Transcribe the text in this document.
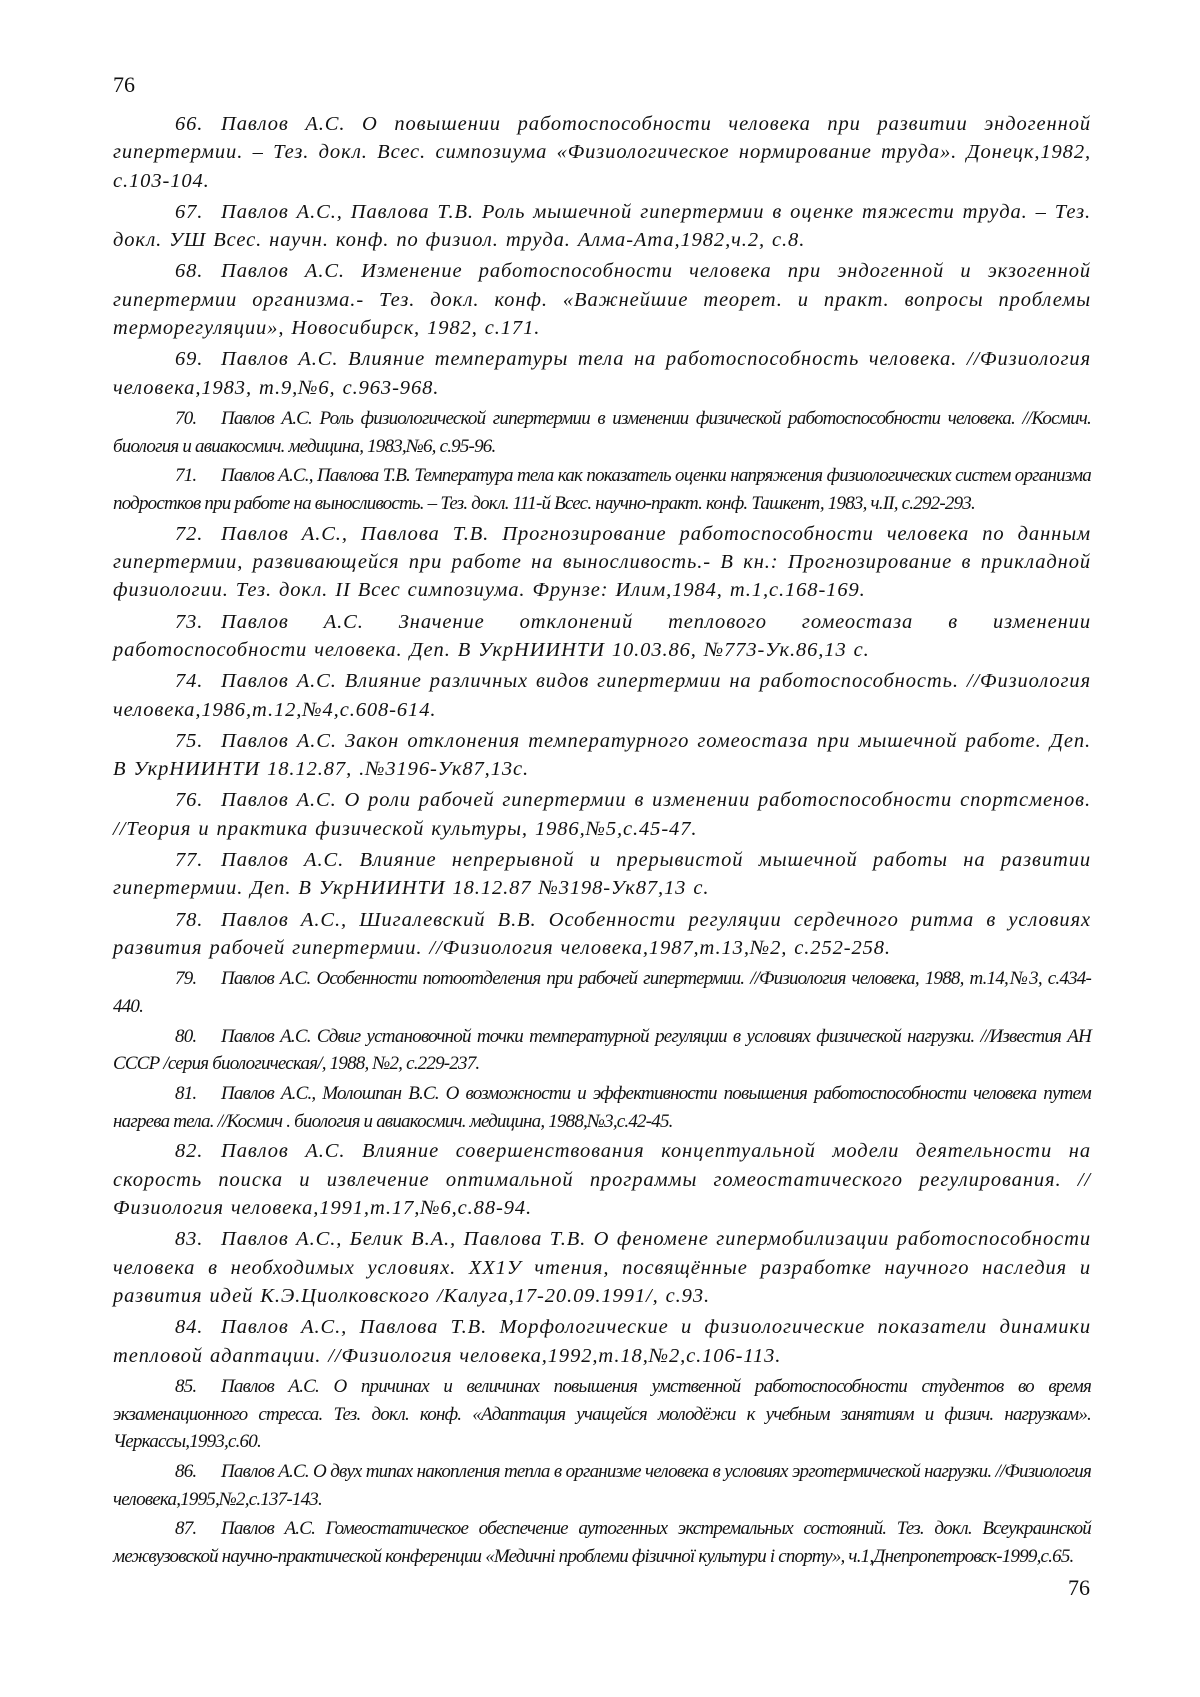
76

66. Павлов А.С. О повышении работоспособности человека при развитии эндогенной гипертермии. – Тез. докл. Всес. симпозиума «Физиологическое нормирование труда». Донецк,1982, с.103-104.

67. Павлов А.С., Павлова Т.В. Роль мышечной гипертермии в оценке тяжести труда. – Тез. докл. УШ Всес. научн. конф. по физиол. труда. Алма-Ата,1982,ч.2, с.8.

68. Павлов А.С. Изменение работоспособности человека при эндогенной и экзогенной гипертермии организма.- Тез. докл. конф. «Важнейшие теорет. и практ. вопросы проблемы терморегуляции», Новосибирск, 1982, с.171.

69. Павлов А.С. Влияние температуры тела на работоспособность человека. //Физиология человека,1983, т.9,№6, с.963-968.

70. Павлов А.С. Роль физиологической гипертермии в изменении физической работоспособности человека. //Космич. биология и авиакосмич. медицина, 1983,№6, с.95-96.

71. Павлов А.С., Павлова Т.В. Температура тела как показатель оценки напряжения физиологических систем организма подростков при работе на выносливость. – Тез. докл. 111-й Всес. научно-практ. конф. Ташкент, 1983, ч.II, с.292-293.

72. Павлов А.С., Павлова Т.В. Прогнозирование работоспособности человека по данным гипертермии, развивающейся при работе на выносливость.- В кн.: Прогнозирование в прикладной физиологии. Тез. докл. II Всес симпозиума. Фрунзе: Илим,1984, т.1,с.168-169.

73. Павлов А.С. Значение отклонений теплового гомеостаза в изменении работоспособности человека. Деп. В УкрНИИНТИ 10.03.86, №773-Ук.86,13 с.

74. Павлов А.С. Влияние различных видов гипертермии на работоспособность. //Физиология человека,1986,т.12,№4,с.608-614.

75. Павлов А.С. Закон отклонения температурного гомеостаза при мышечной работе. Деп. В УкрНИИНТИ 18.12.87, .№3196-Ук87,13с.

76. Павлов А.С. О роли рабочей гипертермии в изменении работоспособности спортсменов. //Теория и практика физической культуры, 1986,№5,с.45-47.

77. Павлов А.С. Влияние непрерывной и прерывистой мышечной работы на развитии гипертермии. Деп. В УкрНИИНТИ 18.12.87 №3198-Ук87,13 с.

78. Павлов А.С., Шигалевский В.В. Особенности регуляции сердечного ритма в условиях развития рабочей гипертермии. //Физиология человека,1987,т.13,№2, с.252-258.

79. Павлов А.С. Особенности потоотделения при рабочей гипертермии. //Физиология человека, 1988, т.14,№3, с.434-440.

80. Павлов А.С. Сдвиг установочной точки температурной регуляции в условиях физической нагрузки. //Известия АН СССР /серия биологическая/, 1988, №2, с.229-237.

81. Павлов А.С., Молошпан В.С. О возможности и эффективности повышения работоспособности человека путем нагрева тела. //Космич . биология и авиакосмич. медицина, 1988,№3,с.42-45.

82. Павлов А.С. Влияние совершенствования концептуальной модели деятельности на скорость поиска и извлечение оптимальной программы гомеостатического регулирования. //Физиология человека,1991,т.17,№6,с.88-94.

83. Павлов А.С., Белик В.А., Павлова Т.В. О феномене гипермобилизации работоспособности человека в необходимых условиях. ХХ1У чтения, посвящённые разработке научного наследия и развития идей К.Э.Циолковского /Калуга,17-20.09.1991/, с.93.

84. Павлов А.С., Павлова Т.В. Морфологические и физиологические показатели динамики тепловой адаптации. //Физиология человека,1992,т.18,№2,с.106-113.

85. Павлов А.С. О причинах и величинах повышения умственной работоспособности студентов во время экзаменационного стресса. Тез. докл. конф. «Адаптация учащейся молодёжи к учебным занятиям и физич. нагрузкам». Черкассы,1993,с.60.

86. Павлов А.С. О двух типах накопления тепла в организме человека в условиях эрготермической нагрузки. //Физиология человека,1995,№2,с.137-143.

87. Павлов А.С. Гомеостатическое обеспечение аутогенных экстремальных состояний. Тез. докл. Всеукраинской межвузовской научно-практической конференции «Медичні проблеми фізичної культури і спорту», ч.1,Днепропетровск-1999,с.65.

76
